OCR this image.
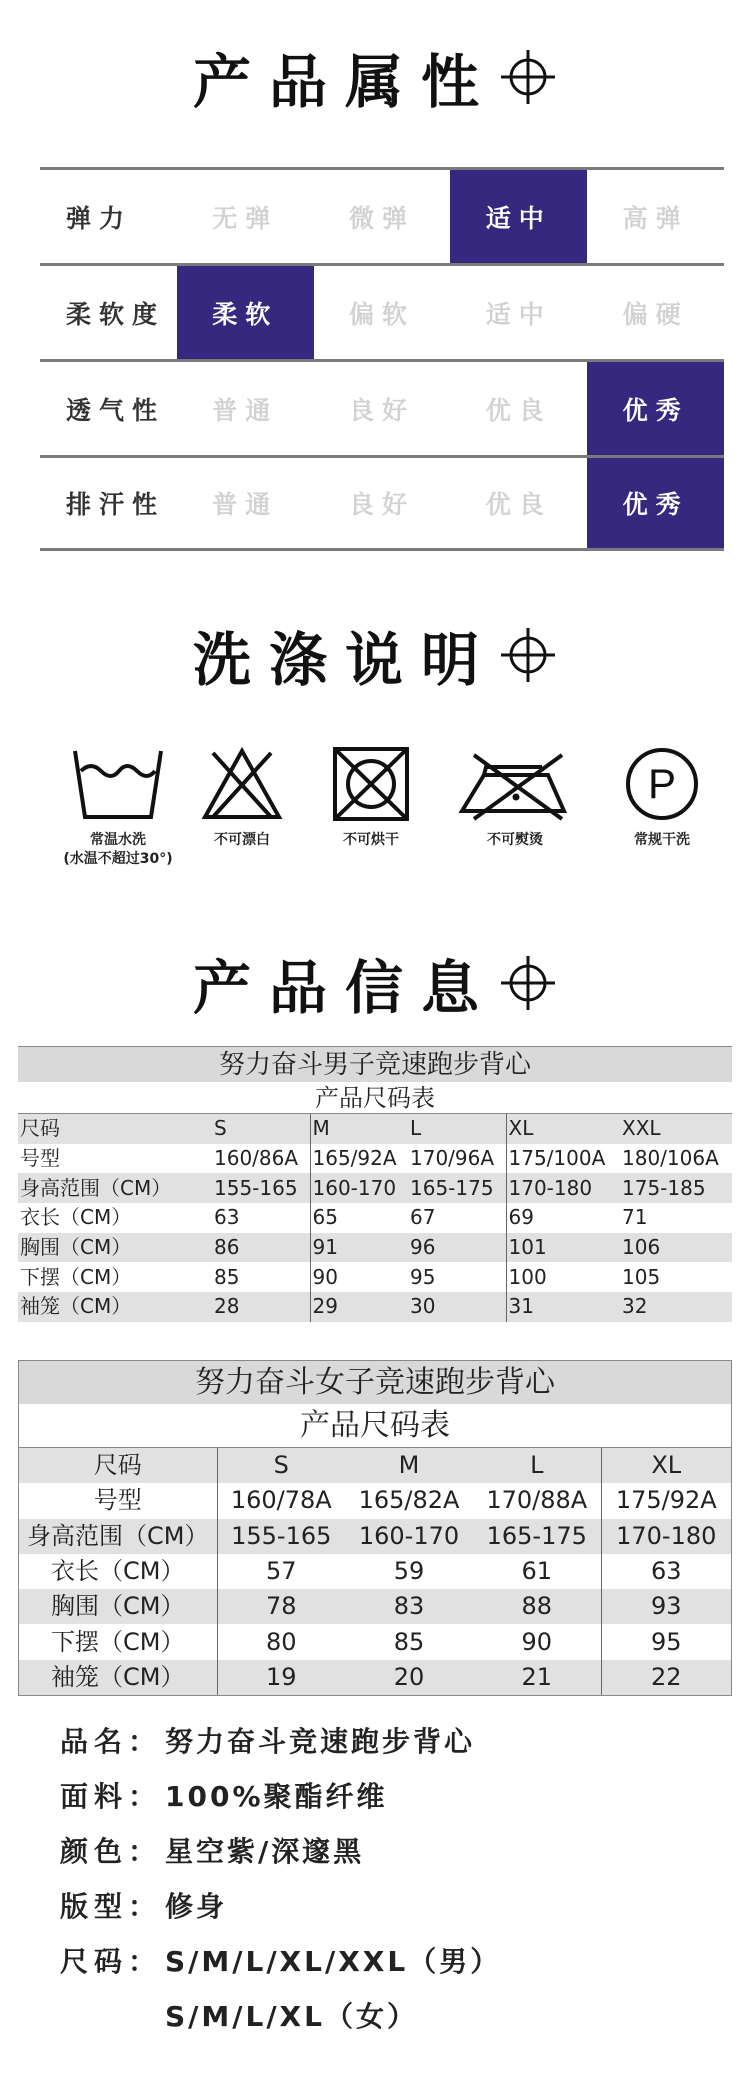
产品属性
弹力	无弹	微弹	适中	高弹
柔软度	柔软	偏软	适中	偏硬
透气性	普通	良好	优良	优秀
排汗性	普通	良好	优良	优秀
洗涤说明
常温水洗
(水温不超过30°)
不可漂白	不可烘干	不可熨烫
P
常规干洗
产品信息
努力奋斗男子竞速跑步背心
产品尺码表
尺码	S	M	L	XL	XXL
号型	160/86A	165/92A	170/96A	175/100A	180/106A
身高范围（CM）	155-165	160-170	165-175	170-180	175-185
衣长（CM）	63	65	67	69	71
胸围（CM）	86	91	96	101	106
下摆（CM）	85	90	95	100	105
袖笼（CM）	28	29	30	31	32
努力奋斗女子竞速跑步背心
产品尺码表
尺码	S	M	L	XL
号型	160/78A	165/82A	170/88A	175/92A
身高范围（CM）	155-165	160-170	165-175	170-180
衣长（CM）	57	59	61	63
胸围（CM）	78	83	88	93
下摆（CM）	80	85	90	95
袖笼（CM）	19	20	21	22
品名： 努力奋斗竞速跑步背心
面料： 100%聚酯纤维
颜色： 星空紫/深邃黑
版型： 修身
尺码： S/M/L/XL/XXL（男）
S/M/L/XL（女）
